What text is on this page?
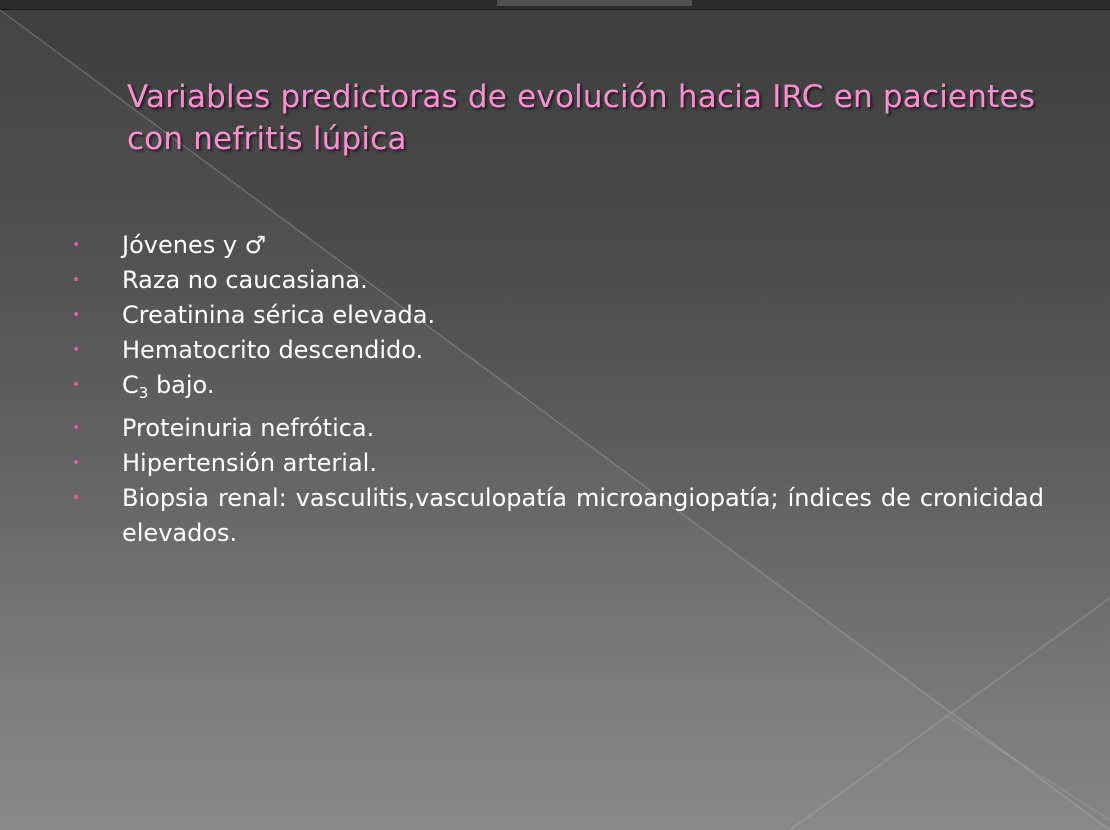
Variables predictoras de evolución hacia IRC en pacientes con nefritis lúpica
• Jóvenes y ♂
• Raza no caucasiana.
• Creatinina sérica elevada.
• Hematocrito descendido.
• $C_3$ bajo.
• Proteinuria nefrótica.
• Hipertensión arterial.
• Biopsia renal: vasculitis,vasculopatía microangiopatía; índices de cronicidad elevados.
